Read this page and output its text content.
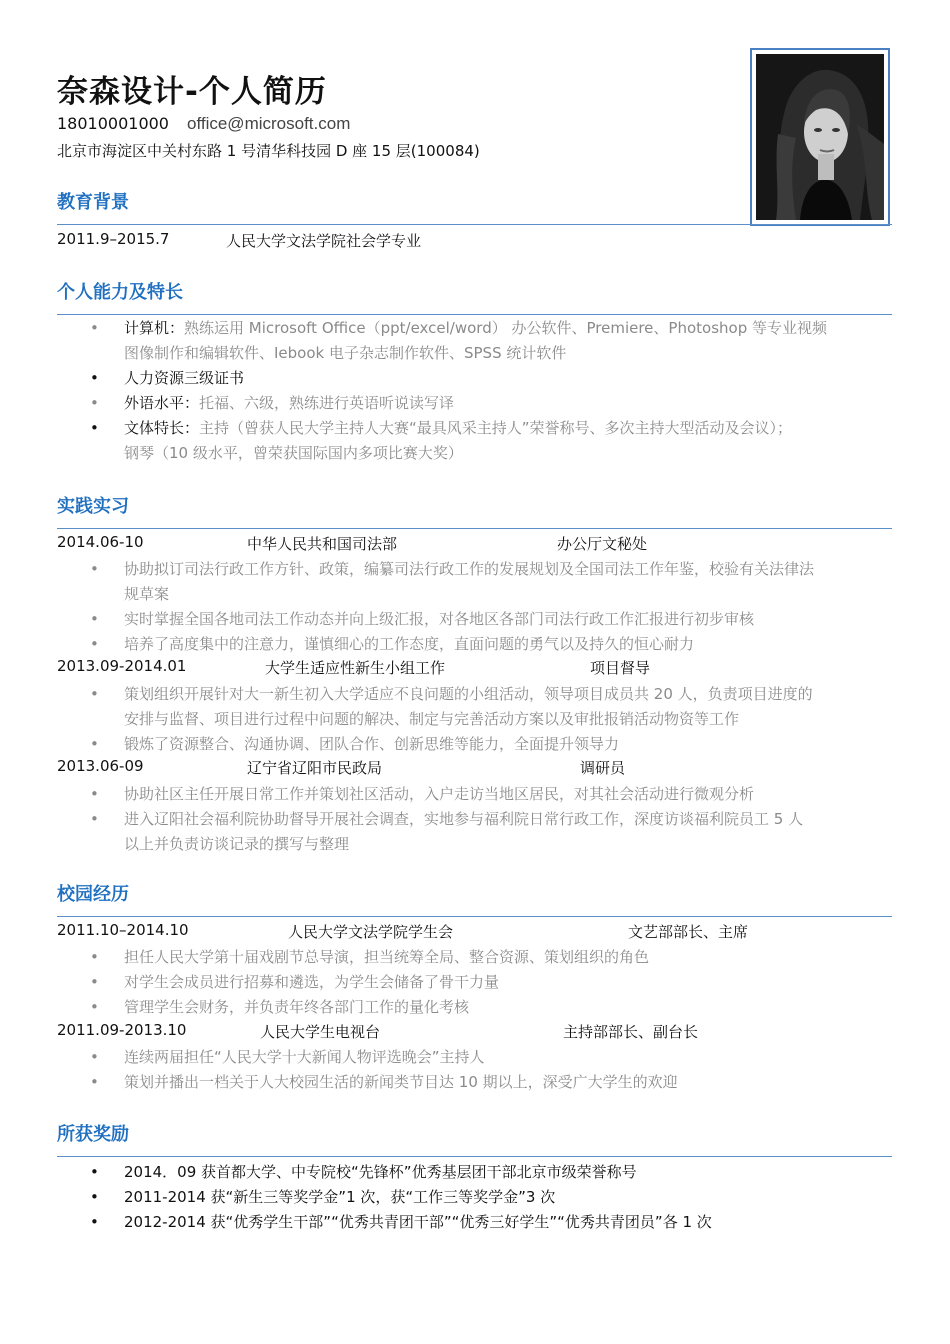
奈森设计-个人简历
18010001000 office@microsoft.com
北京市海淀区中关村东路 1 号清华科技园 D 座 15 层(100084)
教育背景
2011.9–2015.7	人民大学文法学院社会学专业
个人能力及特长
• 计算机：熟练运用 Microsoft Office（ppt/excel/word） 办公软件、Premiere、Photoshop 等专业视频
图像制作和编辑软件、Iebook 电子杂志制作软件、SPSS 统计软件
• 人力资源三级证书
• 外语水平：托福、六级，熟练进行英语听说读写译
• 文体特长：主持（曾获人民大学主持人大赛“最具风采主持人”荣誉称号、多次主持大型活动及会议）；
钢琴（10 级水平，曾荣获国际国内多项比赛大奖）
实践实习
2014.06-10	中华人民共和国司法部	办公厅文秘处
• 协助拟订司法行政工作方针、政策，编纂司法行政工作的发展规划及全国司法工作年鉴，校验有关法律法
规草案
• 实时掌握全国各地司法工作动态并向上级汇报，对各地区各部门司法行政工作汇报进行初步审核
• 培养了高度集中的注意力，谨慎细心的工作态度，直面问题的勇气以及持久的恒心耐力
2013.09-2014.01	大学生适应性新生小组工作	项目督导
• 策划组织开展针对大一新生初入大学适应不良问题的小组活动，领导项目成员共 20 人，负责项目进度的
安排与监督、项目进行过程中问题的解决、制定与完善活动方案以及审批报销活动物资等工作
• 锻炼了资源整合、沟通协调、团队合作、创新思维等能力，全面提升领导力
2013.06-09	辽宁省辽阳市民政局	调研员
• 协助社区主任开展日常工作并策划社区活动，入户走访当地区居民，对其社会活动进行微观分析
• 进入辽阳社会福利院协助督导开展社会调查，实地参与福利院日常行政工作，深度访谈福利院员工 5 人
以上并负责访谈记录的撰写与整理
校园经历
2011.10–2014.10	人民大学文法学院学生会	文艺部部长、主席
• 担任人民大学第十届戏剧节总导演，担当统筹全局、整合资源、策划组织的角色
• 对学生会成员进行招募和遴选，为学生会储备了骨干力量
• 管理学生会财务，并负责年终各部门工作的量化考核
2011.09-2013.10	人民大学生电视台	主持部部长、副台长
• 连续两届担任“人民大学十大新闻人物评选晚会”主持人
• 策划并播出一档关于人大校园生活的新闻类节目达 10 期以上，深受广大学生的欢迎
所获奖励
• 2014．09 获首都大学、中专院校“先锋杯”优秀基层团干部北京市级荣誉称号
• 2011-2014 获“新生三等奖学金”1 次，获“工作三等奖学金”3 次
• 2012-2014 获“优秀学生干部”“优秀共青团干部”“优秀三好学生”“优秀共青团员”各 1 次
